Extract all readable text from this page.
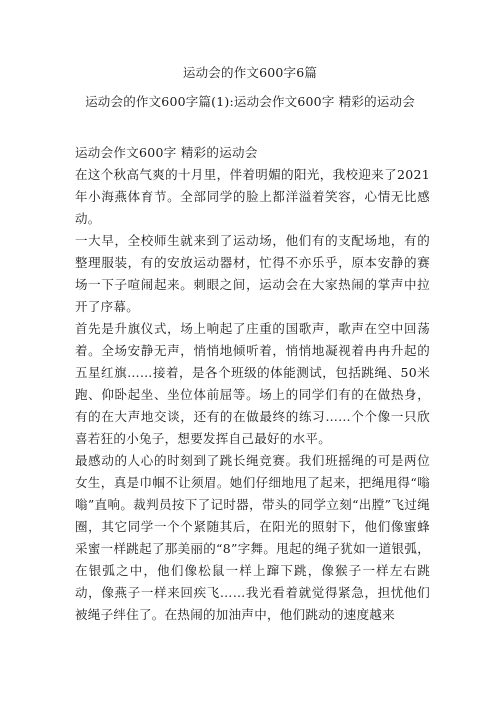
运动会的作文600字6篇
运动会的作文600字篇(1):运动会作文600字 精彩的运动会

运动会作文600字 精彩的运动会

在这个秋高气爽的十月里，伴着明媚的阳光，我校迎来了2021年小海燕体育节。全部同学的脸上都洋溢着笑容，心情无比感动。

一大早，全校师生就来到了运动场，他们有的支配场地，有的整理服装，有的安放运动器材，忙得不亦乐乎，原本安静的赛场一下子喧闹起来。刺眼之间，运动会在大家热闹的掌声中拉开了序幕。

首先是升旗仪式，场上响起了庄重的国歌声，歌声在空中回荡着。全场安静无声，悄悄地倾听着，悄悄地凝视着冉冉升起的五星红旗……接着，是各个班级的体能测试，包括跳绳、50米跑、仰卧起坐、坐位体前屈等。场上的同学们有的在做热身，有的在大声地交谈，还有的在做最终的练习……个个像一只欣喜若狂的小兔子，想要发挥自己最好的水平。

最感动的人心的时刻到了跳长绳竞赛。我们班摇绳的可是两位女生，真是巾帼不让须眉。她们仔细地甩了起来，把绳甩得“嗡嗡”直响。裁判员按下了记时器，带头的同学立刻“出膛”飞过绳圈，其它同学一个个紧随其后，在阳光的照射下，他们像蜜蜂采蜜一样跳起了那美丽的“8”字舞。甩起的绳子犹如一道银弧，在银弧之中，他们像松鼠一样上蹿下跳，像猴子一样左右跳动，像燕子一样来回疾飞……我光看着就觉得紧急，担忧他们被绳子绊住了。在热闹的加油声中，他们跳动的速度越来
